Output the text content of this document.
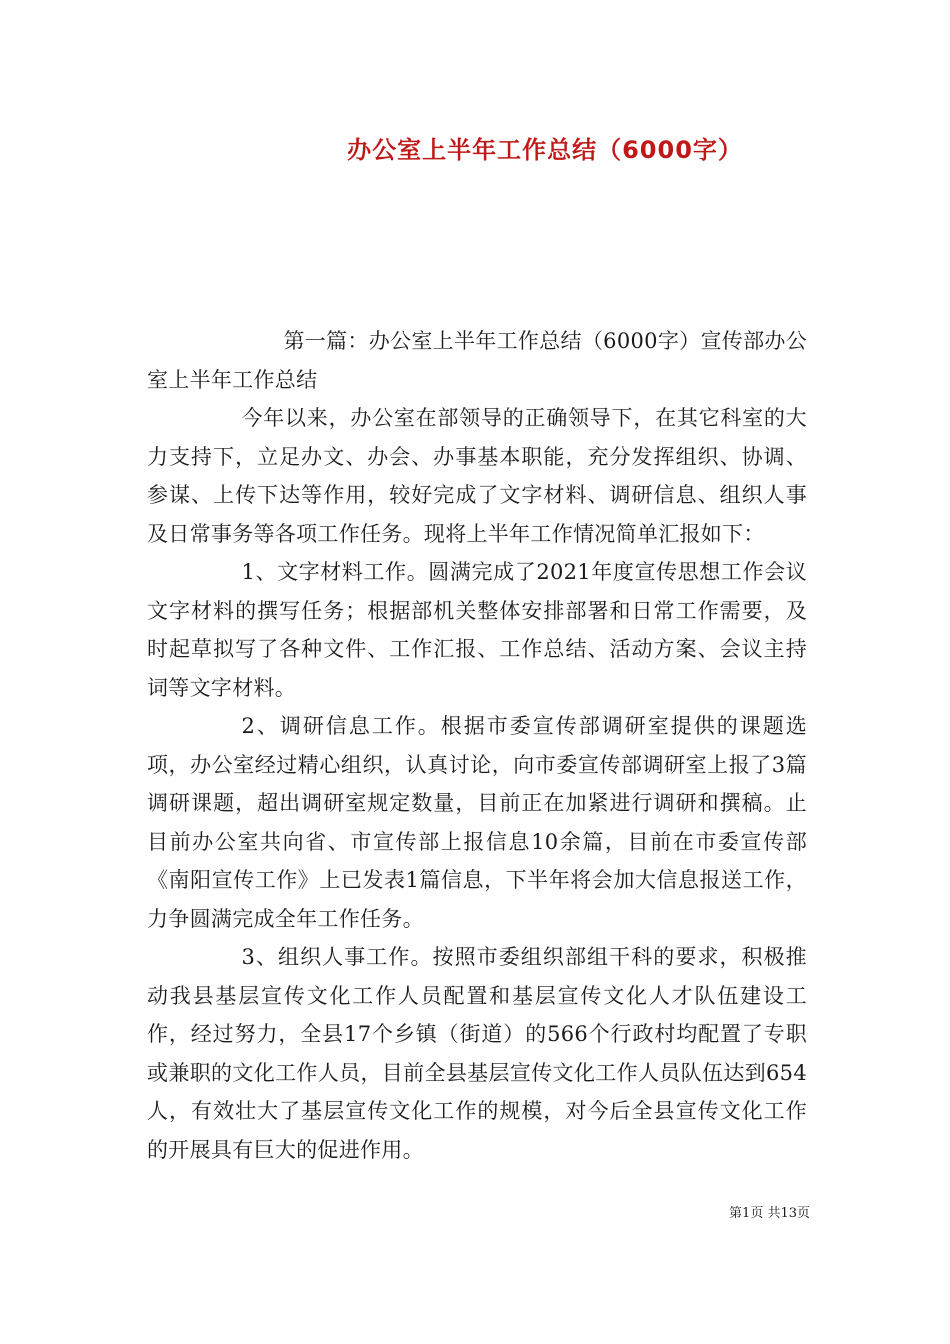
办公室上半年工作总结（6000字）

第一篇：办公室上半年工作总结（6000字）宣传部办公室上半年工作总结

今年以来，办公室在部领导的正确领导下，在其它科室的大力支持下，立足办文、办会、办事基本职能，充分发挥组织、协调、参谋、上传下达等作用，较好完成了文字材料、调研信息、组织人事及日常事务等各项工作任务。现将上半年工作情况简单汇报如下：

1、文字材料工作。圆满完成了2021年度宣传思想工作会议文字材料的撰写任务；根据部机关整体安排部署和日常工作需要，及时起草拟写了各种文件、工作汇报、工作总结、活动方案、会议主持词等文字材料。

2、调研信息工作。根据市委宣传部调研室提供的课题选项，办公室经过精心组织，认真讨论，向市委宣传部调研室上报了3篇调研课题，超出调研室规定数量，目前正在加紧进行调研和撰稿。止目前办公室共向省、市宣传部上报信息10余篇，目前在市委宣传部《南阳宣传工作》上已发表1篇信息，下半年将会加大信息报送工作，力争圆满完成全年工作任务。

3、组织人事工作。按照市委组织部组干科的要求，积极推动我县基层宣传文化工作人员配置和基层宣传文化人才队伍建设工作，经过努力，全县17个乡镇（街道）的566个行政村均配置了专职或兼职的文化工作人员，目前全县基层宣传文化工作人员队伍达到654人，有效壮大了基层宣传文化工作的规模，对今后全县宣传文化工作的开展具有巨大的促进作用。

第1页 共13页
